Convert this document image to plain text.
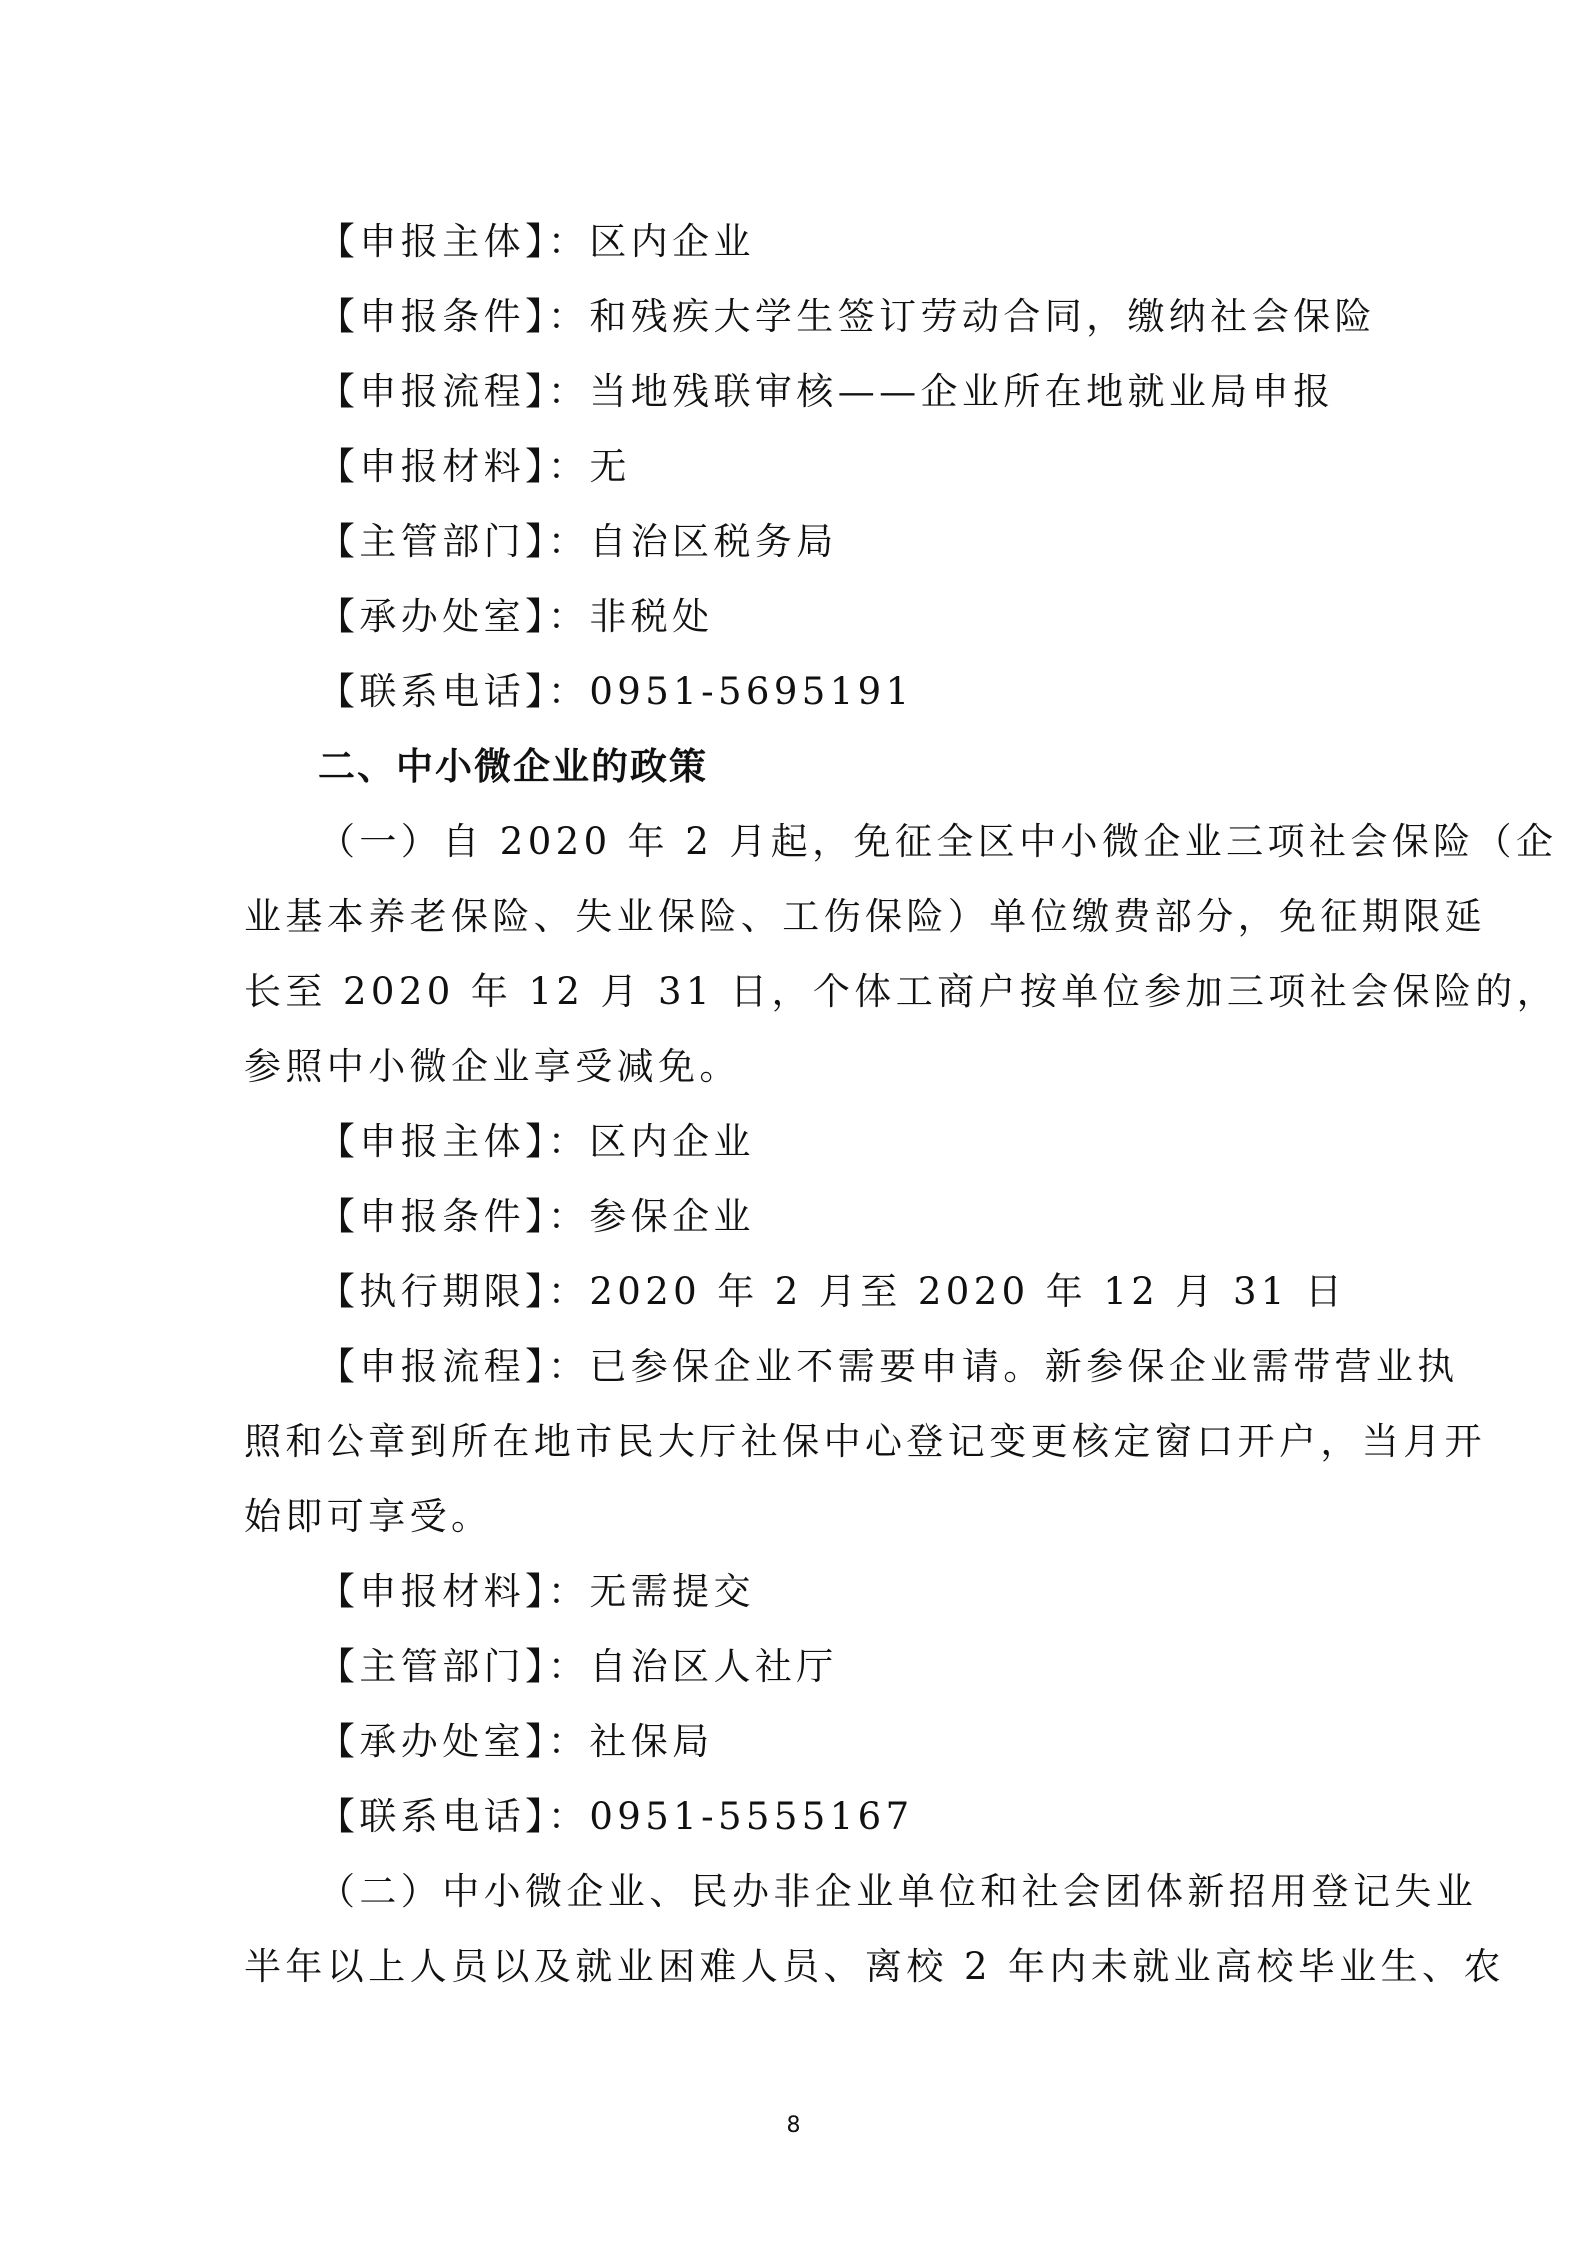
【申报主体】：区内企业
【申报条件】：和残疾大学生签订劳动合同，缴纳社会保险
【申报流程】：当地残联审核——企业所在地就业局申报
【申报材料】：无
【主管部门】：自治区税务局
【承办处室】：非税处
【联系电话】：0951-5695191
二、中小微企业的政策
（一）自 2020 年 2 月起，免征全区中小微企业三项社会保险（企
业基本养老保险、失业保险、工伤保险）单位缴费部分，免征期限延
长至 2020 年 12 月 31 日，个体工商户按单位参加三项社会保险的，
参照中小微企业享受减免。
【申报主体】：区内企业
【申报条件】：参保企业
【执行期限】：2020 年 2 月至 2020 年 12 月 31 日
【申报流程】：已参保企业不需要申请。新参保企业需带营业执
照和公章到所在地市民大厅社保中心登记变更核定窗口开户，当月开
始即可享受。
【申报材料】：无需提交
【主管部门】：自治区人社厅
【承办处室】：社保局
【联系电话】：0951-5555167
（二）中小微企业、民办非企业单位和社会团体新招用登记失业
半年以上人员以及就业困难人员、离校 2 年内未就业高校毕业生、农
8
